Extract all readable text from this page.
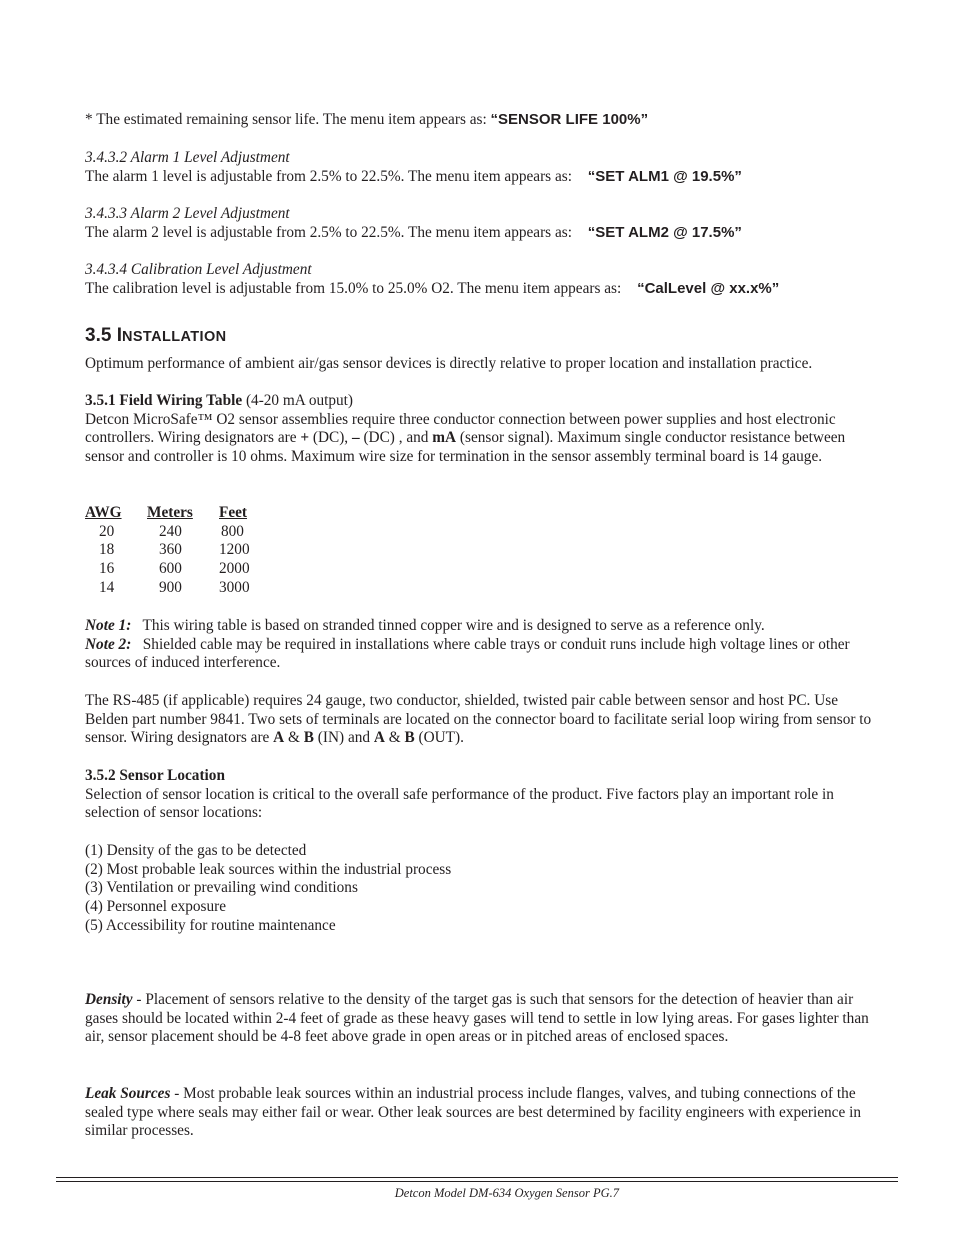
* The estimated remaining sensor life. The menu item appears as: “SENSOR LIFE 100%”
3.4.3.2 Alarm 1 Level Adjustment
The alarm 1 level is adjustable from 2.5% to 22.5%. The menu item appears as: “SET ALM1 @ 19.5%”
3.4.3.3 Alarm 2 Level Adjustment
The alarm 2 level is adjustable from 2.5% to 22.5%. The menu item appears as: “SET ALM2 @ 17.5%”
3.4.3.4 Calibration Level Adjustment
The calibration level is adjustable from 15.0% to 25.0% O2. The menu item appears as: “CalLevel @ xx.x%”
3.5 INSTALLATION
Optimum performance of ambient air/gas sensor devices is directly relative to proper location and installation practice.
3.5.1 Field Wiring Table (4-20 mA output)
Detcon MicroSafe™ O2 sensor assemblies require three conductor connection between power supplies and host electronic controllers. Wiring designators are + (DC), – (DC) , and mA (sensor signal). Maximum single conductor resistance between sensor and controller is 10 ohms. Maximum wire size for termination in the sensor assembly terminal board is 14 gauge.
AWG	Meters	Feet
20	240	800
18	360	1200
16	600	2000
14	900	3000
Note 1: This wiring table is based on stranded tinned copper wire and is designed to serve as a reference only.
Note 2: Shielded cable may be required in installations where cable trays or conduit runs include high voltage lines or other sources of induced interference.
The RS-485 (if applicable) requires 24 gauge, two conductor, shielded, twisted pair cable between sensor and host PC. Use Belden part number 9841. Two sets of terminals are located on the connector board to facilitate serial loop wiring from sensor to sensor. Wiring designators are A & B (IN) and A & B (OUT).
3.5.2 Sensor Location
Selection of sensor location is critical to the overall safe performance of the product. Five factors play an important role in selection of sensor locations:
(1) Density of the gas to be detected
(2) Most probable leak sources within the industrial process
(3) Ventilation or prevailing wind conditions
(4) Personnel exposure
(5) Accessibility for routine maintenance
Density - Placement of sensors relative to the density of the target gas is such that sensors for the detection of heavier than air gases should be located within 2-4 feet of grade as these heavy gases will tend to settle in low lying areas. For gases lighter than air, sensor placement should be 4-8 feet above grade in open areas or in pitched areas of enclosed spaces.
Leak Sources - Most probable leak sources within an industrial process include flanges, valves, and tubing connections of the sealed type where seals may either fail or wear. Other leak sources are best determined by facility engineers with experience in similar processes.
Detcon Model DM-634 Oxygen Sensor PG.7
